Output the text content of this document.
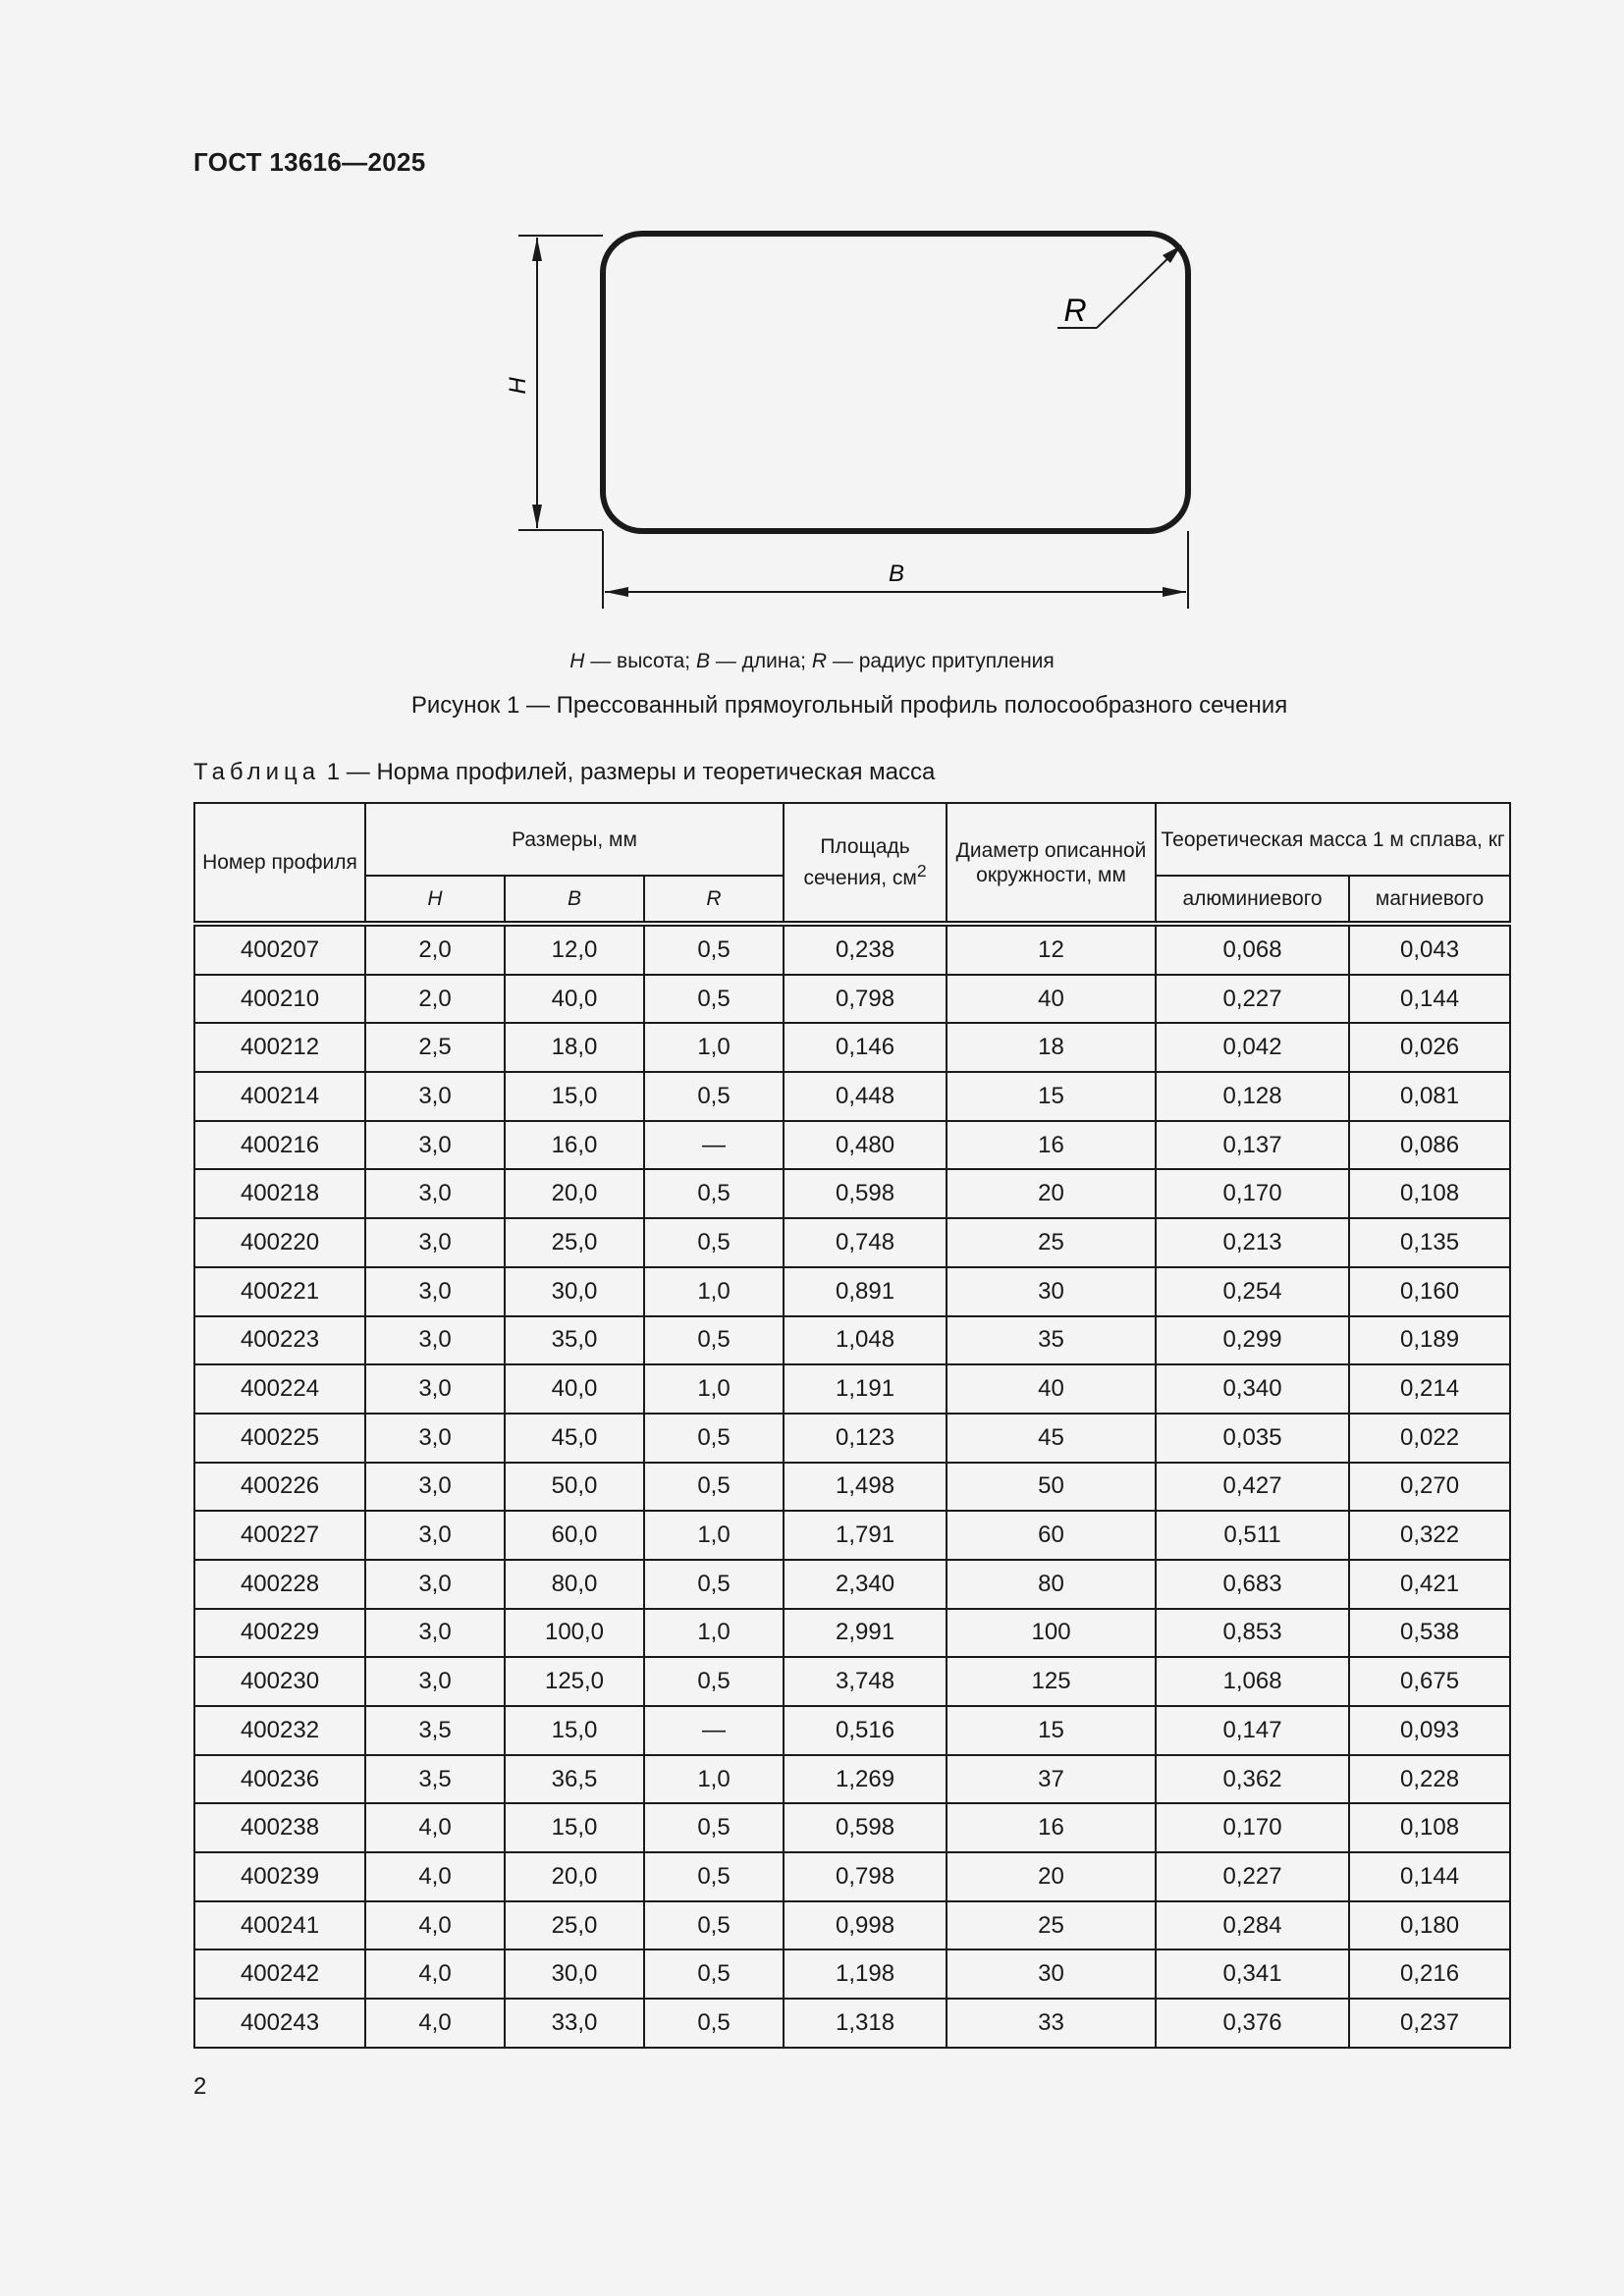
ГОСТ 13616—2025
H
B
R
H — высота; B — длина; R — радиус притупления
Рисунок 1 — Прессованный прямоугольный профиль полосообразного сечения
Таблица 1 — Норма профилей, размеры и теоретическая масса
Номер профиля	Размеры, мм			Площадь сечения, $см^2$	Диаметр описанной окружности, мм	Теоретическая масса 1 м сплава, кг	
	H	B	R			алюминиевого	магниевого
400207	2,0	12,0	0,5	0,238	12	0,068	0,043
400210	2,0	40,0	0,5	0,798	40	0,227	0,144
400212	2,5	18,0	1,0	0,146	18	0,042	0,026
400214	3,0	15,0	0,5	0,448	15	0,128	0,081
400216	3,0	16,0	—	0,480	16	0,137	0,086
400218	3,0	20,0	0,5	0,598	20	0,170	0,108
400220	3,0	25,0	0,5	0,748	25	0,213	0,135
400221	3,0	30,0	1,0	0,891	30	0,254	0,160
400223	3,0	35,0	0,5	1,048	35	0,299	0,189
400224	3,0	40,0	1,0	1,191	40	0,340	0,214
400225	3,0	45,0	0,5	0,123	45	0,035	0,022
400226	3,0	50,0	0,5	1,498	50	0,427	0,270
400227	3,0	60,0	1,0	1,791	60	0,511	0,322
400228	3,0	80,0	0,5	2,340	80	0,683	0,421
400229	3,0	100,0	1,0	2,991	100	0,853	0,538
400230	3,0	125,0	0,5	3,748	125	1,068	0,675
400232	3,5	15,0	—	0,516	15	0,147	0,093
400236	3,5	36,5	1,0	1,269	37	0,362	0,228
400238	4,0	15,0	0,5	0,598	16	0,170	0,108
400239	4,0	20,0	0,5	0,798	20	0,227	0,144
400241	4,0	25,0	0,5	0,998	25	0,284	0,180
400242	4,0	30,0	0,5	1,198	30	0,341	0,216
400243	4,0	33,0	0,5	1,318	33	0,376	0,237
2
